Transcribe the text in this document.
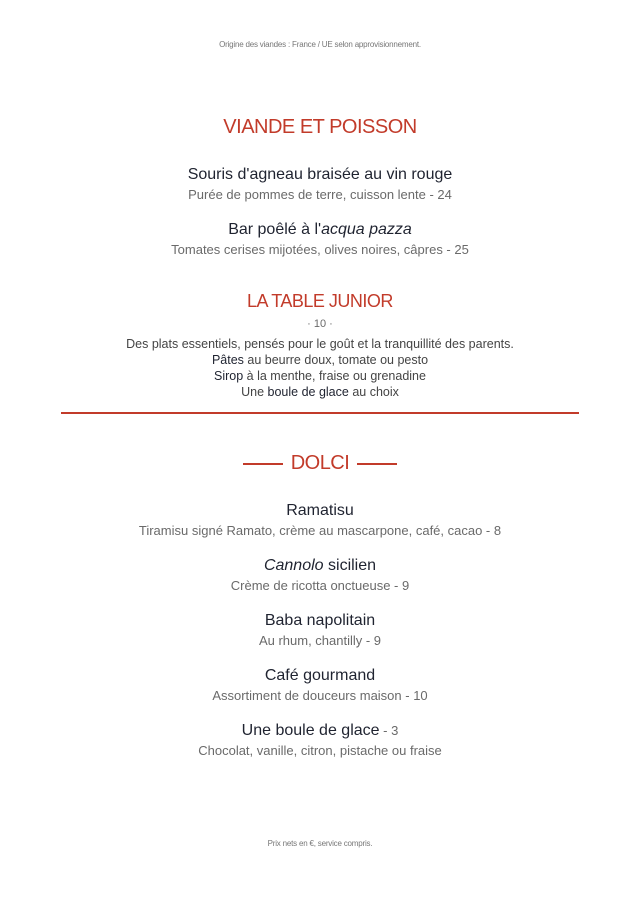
Origine des viandes : France / UE selon approvisionnement.
VIANDE ET POISSON
Souris d'agneau braisée au vin rouge
Purée de pommes de terre, cuisson lente - 24
Bar poêlé à l'acqua pazza
Tomates cerises mijotées, olives noires, câpres - 25
LA TABLE JUNIOR
· 10 ·
Des plats essentiels, pensés pour le goût et la tranquillité des parents.
Pâtes au beurre doux, tomate ou pesto
Sirop à la menthe, fraise ou grenadine
Une boule de glace au choix
DOLCI
Ramatisu
Tiramisu signé Ramato, crème au mascarpone, café, cacao - 8
Cannolo sicilien
Crème de ricotta onctueuse - 9
Baba napolitain
Au rhum, chantilly - 9
Café gourmand
Assortiment de douceurs maison - 10
Une boule de glace - 3
Chocolat, vanille, citron, pistache ou fraise
Prix nets en €, service compris.
